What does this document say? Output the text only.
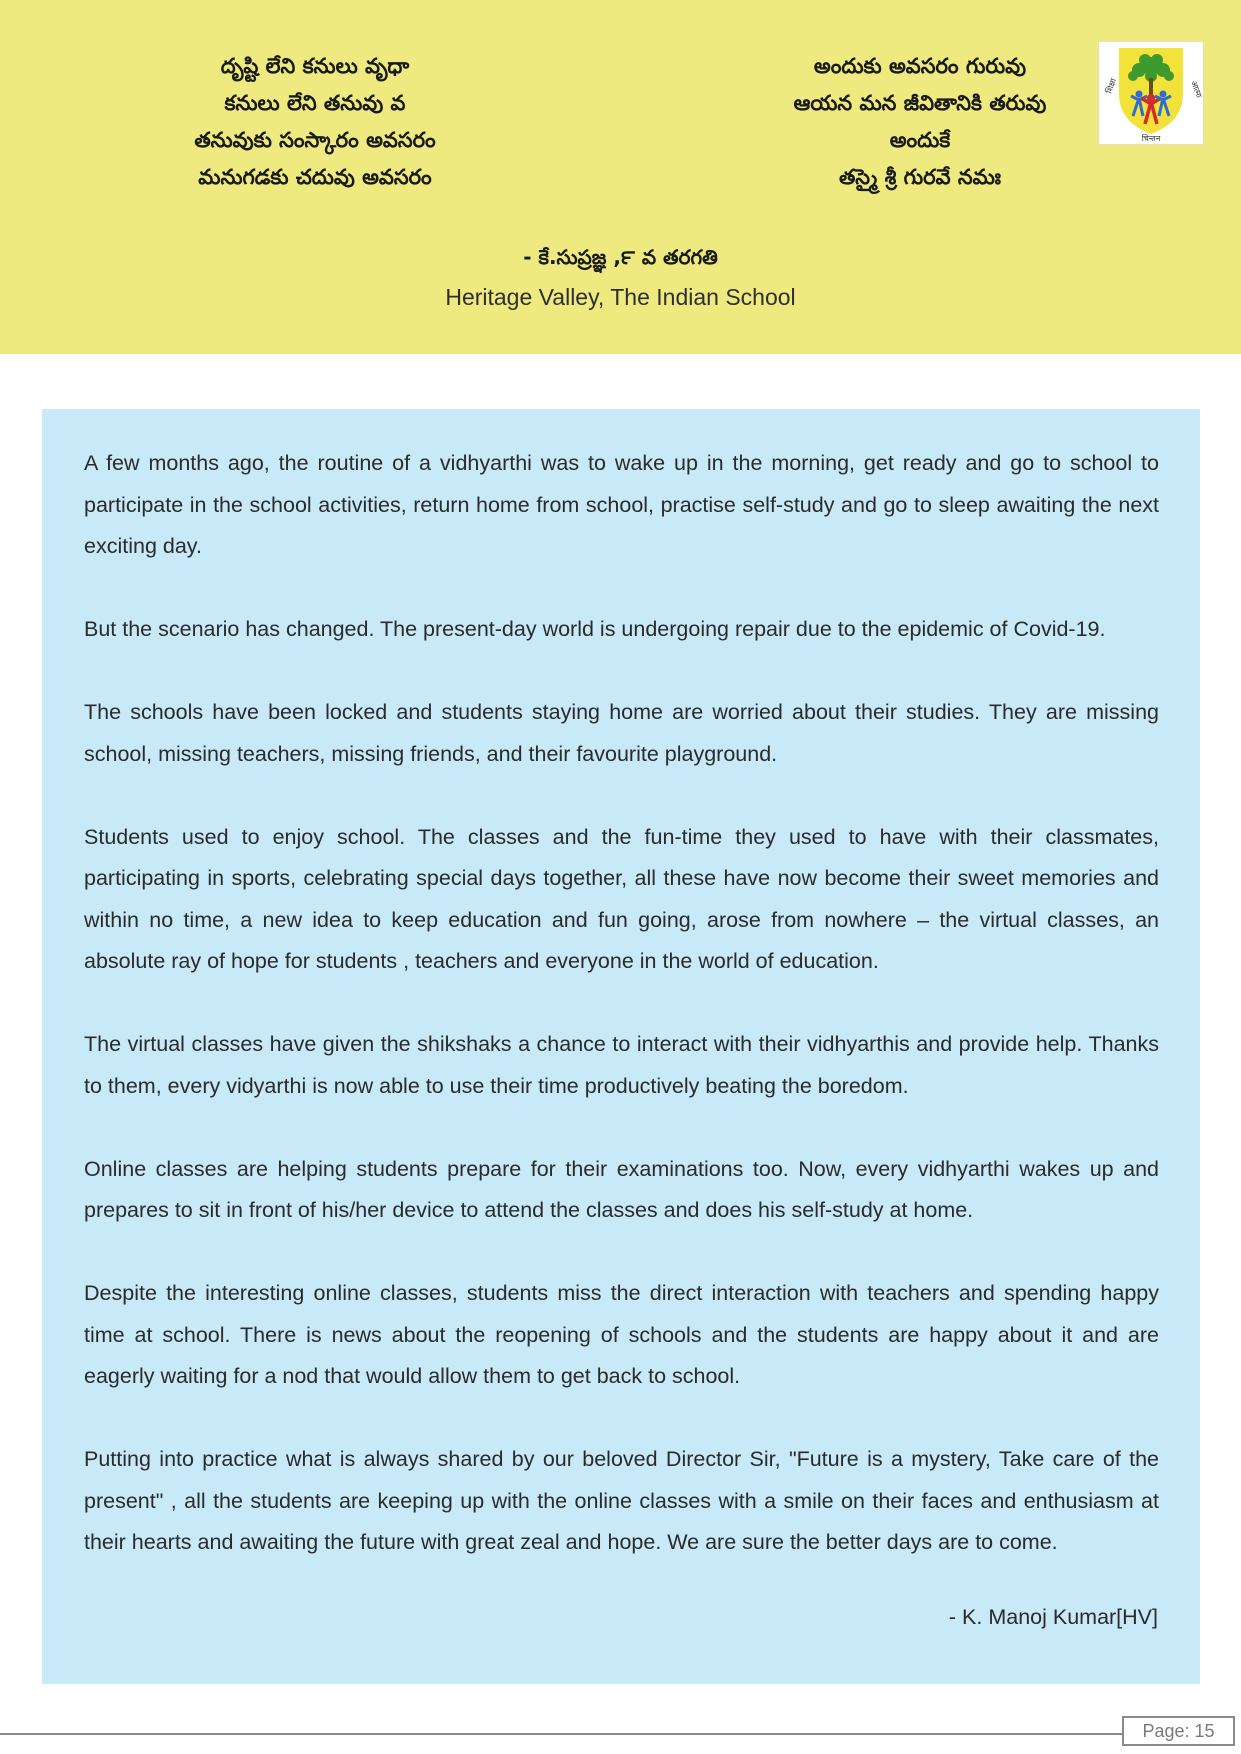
దృష్టి లేని కనులు వృధా
కనులు లేని తనువు వ
తనువుకు సంస్కారం అవసరం
మనుగడకు చదువు అవసరం
అందుకు అవసరం గురువు
ఆయన మన జీవితానికి తరువు
అందుకే
తస్మై శ్రీ గురవే నమః
शिक्षा	आत्मा
चिन्तन
- కే.సుప్రజ్ఞ ,౯ వ తరగతి
Heritage Valley, The Indian School

A few months ago, the routine of a vidhyarthi was to wake up in the morning, get ready and go to school to participate in the school activities, return home from school, practise self-study and go to sleep awaiting the next exciting day.

But the scenario has changed. The present-day world is undergoing repair due to the epidemic of Covid-19.

The schools have been locked and students staying home are worried about their studies. They are missing school, missing teachers, missing friends, and their favourite playground.

Students used to enjoy school. The classes and the fun-time they used to have with their classmates, participating in sports, celebrating special days together, all these have now become their sweet memories and within no time, a new idea to keep education and fun going, arose from nowhere – the virtual classes, an absolute ray of hope for students , teachers and everyone in the world of education.

The virtual classes have given the shikshaks a chance to interact with their vidhyarthis and provide help. Thanks to them, every vidyarthi is now able to use their time productively beating the boredom.

Online classes are helping students prepare for their examinations too. Now, every vidhyarthi wakes up and prepares to sit in front of his/her device to attend the classes and does his self-study at home.

Despite the interesting online classes, students miss the direct interaction with teachers and spending happy time at school. There is news about the reopening of schools and the students are happy about it and are eagerly waiting for a nod that would allow them to get back to school.

Putting into practice what is always shared by our beloved Director Sir, "Future is a mystery, Take care of the present" , all the students are keeping up with the online classes with a smile on their faces and enthusiasm at their hearts and awaiting the future with great zeal and hope. We are sure the better days are to come.

- K. Manoj Kumar[HV]
Page: 15
